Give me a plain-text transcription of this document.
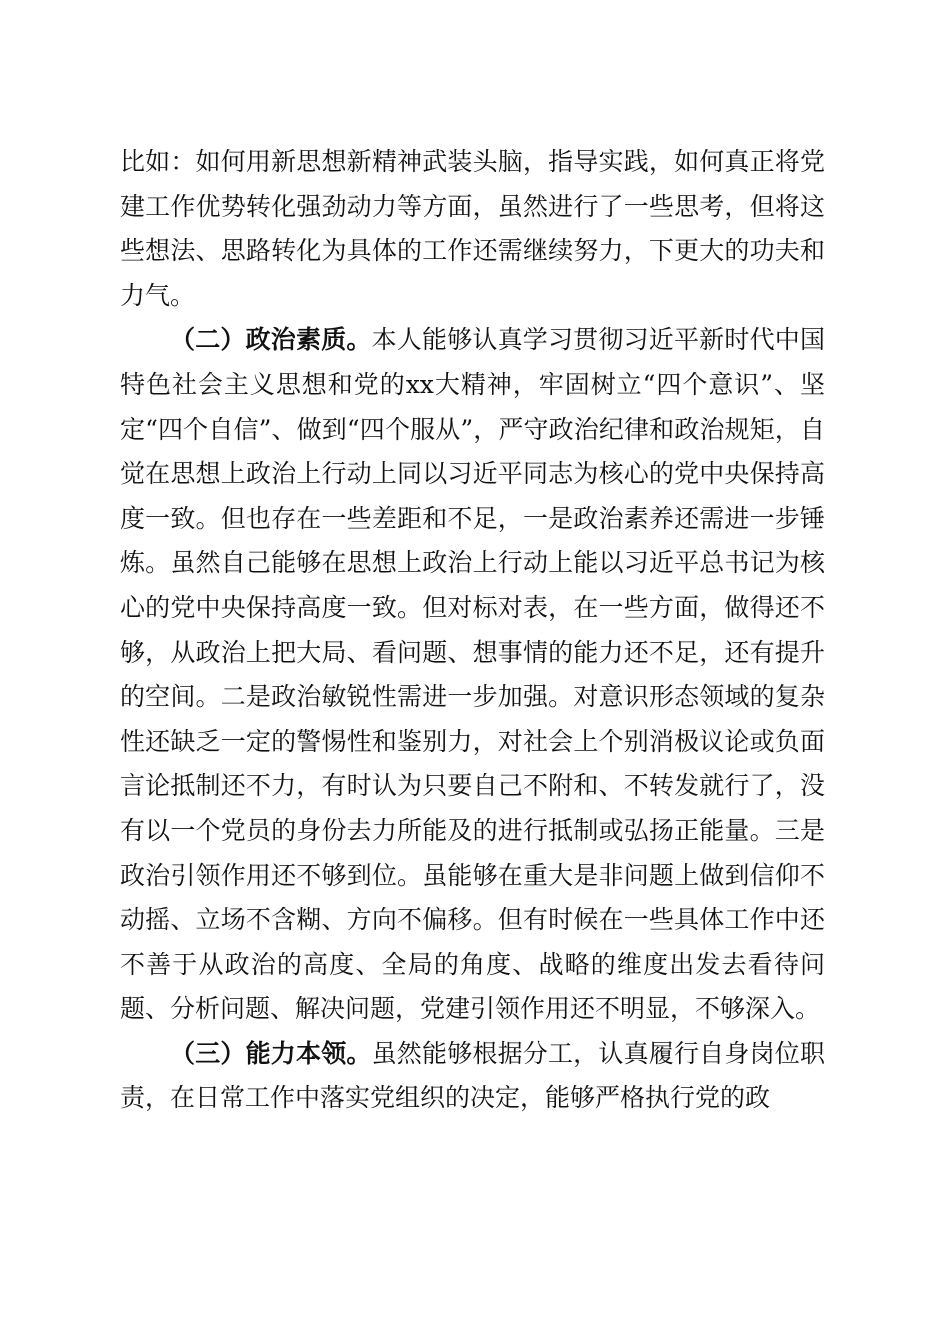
比如：如何用新思想新精神武装头脑，指导实践，如何真正将党建工作优势转化强劲动力等方面，虽然进行了一些思考，但将这些想法、思路转化为具体的工作还需继续努力，下更大的功夫和力气。

（二）政治素质。本人能够认真学习贯彻习近平新时代中国特色社会主义思想和党的xx大精神，牢固树立“四个意识”、坚定“四个自信”、做到“四个服从”，严守政治纪律和政治规矩，自觉在思想上政治上行动上同以习近平同志为核心的党中央保持高度一致。但也存在一些差距和不足，一是政治素养还需进一步锤炼。虽然自己能够在思想上政治上行动上能以习近平总书记为核心的党中央保持高度一致。但对标对表，在一些方面，做得还不够，从政治上把大局、看问题、想事情的能力还不足，还有提升的空间。二是政治敏锐性需进一步加强。对意识形态领域的复杂性还缺乏一定的警惕性和鉴别力，对社会上个别消极议论或负面言论抵制还不力，有时认为只要自己不附和、不转发就行了，没有以一个党员的身份去力所能及的进行抵制或弘扬正能量。三是政治引领作用还不够到位。虽能够在重大是非问题上做到信仰不动摇、立场不含糊、方向不偏移。但有时候在一些具体工作中还不善于从政治的高度、全局的角度、战略的维度出发去看待问题、分析问题、解决问题，党建引领作用还不明显，不够深入。

（三）能力本领。虽然能够根据分工，认真履行自身岗位职责，在日常工作中落实党组织的决定，能够严格执行党的政
